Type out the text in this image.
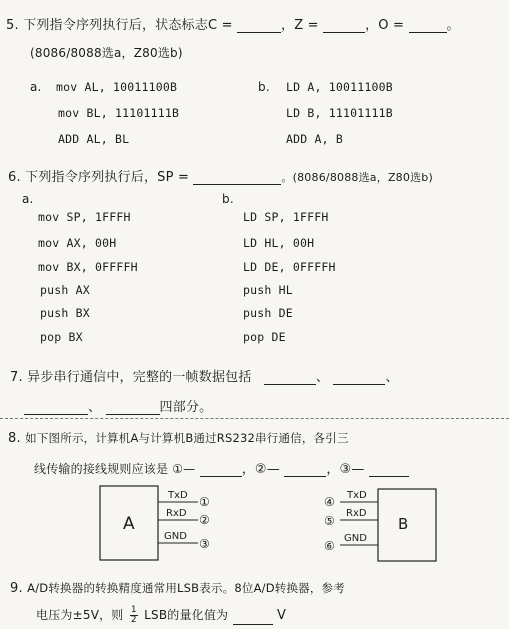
5. 下列指令序列执行后，状态标志C =	，Z =	，O =	。
(8086/8088选a，Z80选b)
a. mov AL, 10011100B
mov BL, 11101111B
ADD AL, BL
b. LD A, 10011100B
LD B, 11101111B
ADD A, B
6. 下列指令序列执行后，SP =	。(8086/8088选a，Z80选b)
a.
mov SP, 1FFFH
mov AX, 00H
mov BX, 0FFFFH
push AX
push BX
pop BX
b.
LD SP, 1FFFH
LD HL, 00H
LD DE, 0FFFFH
push HL
push DE
pop DE
7. 异步串行通信中，完整的一帧数据包括	、	、
、	四部分。
8. 如下图所示，计算机A与计算机B通过RS232串行通信，各引三
线传输的接线规则应该是 ①—	，②—	，③—
A
TxD
RxD
GND
①
②
③
B
TxD
RxD
GND
④
⑤
⑥
9. A/D转换器的转换精度通常用LSB表示。8位A/D转换器，参考
电压为±5V，则 $\frac{1}{2}$ LSB的量化值为	V
